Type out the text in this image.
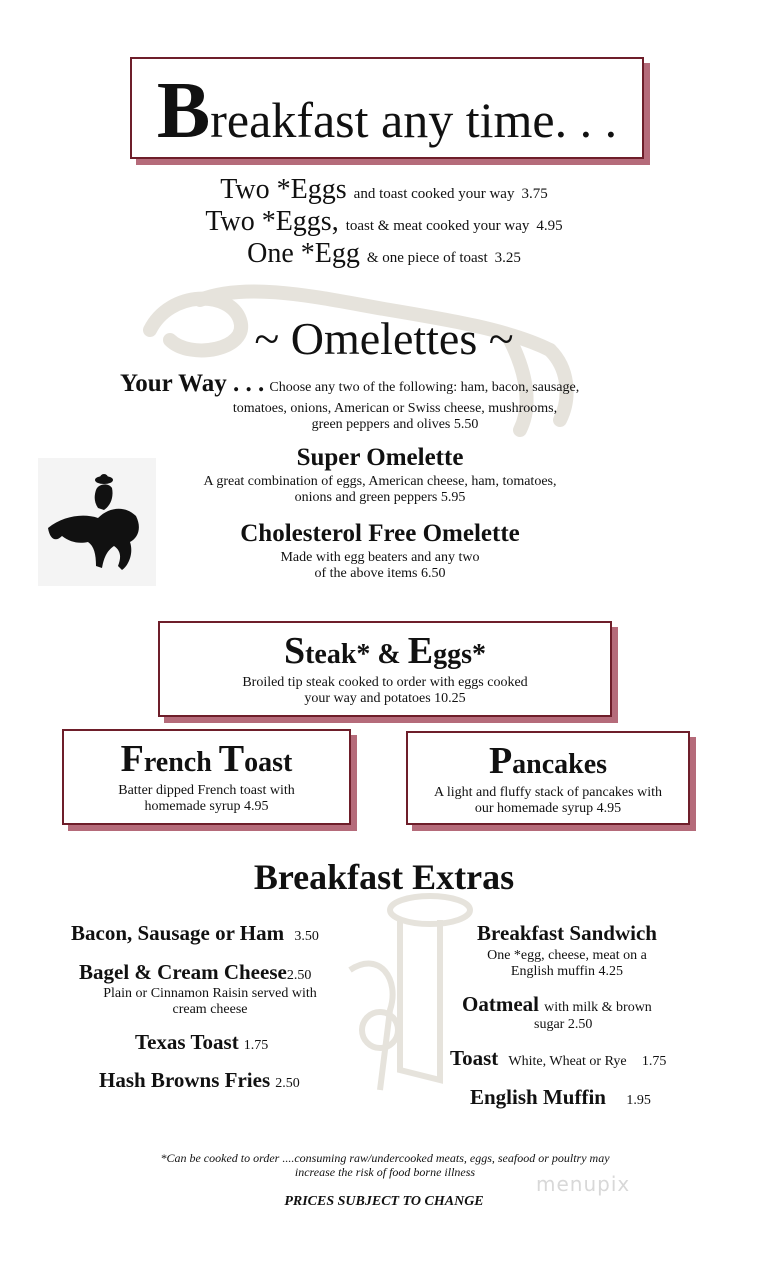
Breakfast any time. . .
Two *Eggs and toast cooked your way 3.75
Two *Eggs, toast & meat cooked your way 4.95
One *Egg & one piece of toast 3.25
~ Omelettes ~
Your Way . . . Choose any two of the following: ham, bacon, sausage,
tomatoes, onions, American or Swiss cheese, mushrooms,
green peppers and olives 5.50
Super Omelette
A great combination of eggs, American cheese, ham, tomatoes,
onions and green peppers 5.95
Cholesterol Free Omelette
Made with egg beaters and any two
of the above items 6.50
Steak* & Eggs*
Broiled tip steak cooked to order with eggs cooked
your way and potatoes 10.25
French Toast
Batter dipped French toast with
homemade syrup 4.95
Pancakes
A light and fluffy stack of pancakes with
our homemade syrup 4.95
Breakfast Extras
Bacon, Sausage or Ham 3.50
Bagel & Cream Cheese2.50
Plain or Cinnamon Raisin served with
cream cheese
Texas Toast 1.75
Hash Browns Fries 2.50
Breakfast Sandwich
One *egg, cheese, meat on a
English muffin 4.25
Oatmeal with milk & brown
sugar 2.50
Toast White, Wheat or Rye 1.75
English Muffin 1.95
*Can be cooked to order ....consuming raw/undercooked meats, eggs, seafood or poultry may
increase the risk of food borne illness	menupix
PRICES SUBJECT TO CHANGE
